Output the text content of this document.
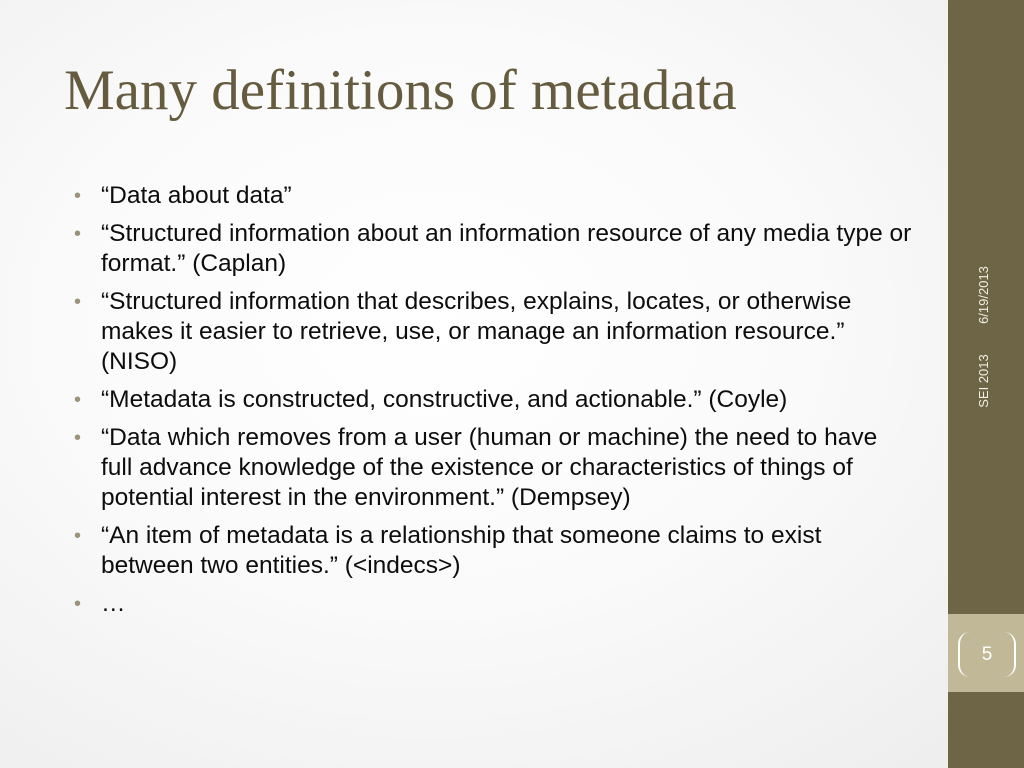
Many definitions of metadata
• “Data about data”
• “Structured information about an information resource of any media type or format.” (Caplan)
• “Structured information that describes, explains, locates, or otherwise makes it easier to retrieve, use, or manage an information resource.” (NISO)
• “Metadata is constructed, constructive, and actionable.” (Coyle)
• “Data which removes from a user (human or machine) the need to have full advance knowledge of the existence or characteristics of things of potential interest in the environment.” (Dempsey)
• “An item of metadata is a relationship that someone claims to exist between two entities.” (<indecs>)
• …
6/19/2013
SEI 2013
5
